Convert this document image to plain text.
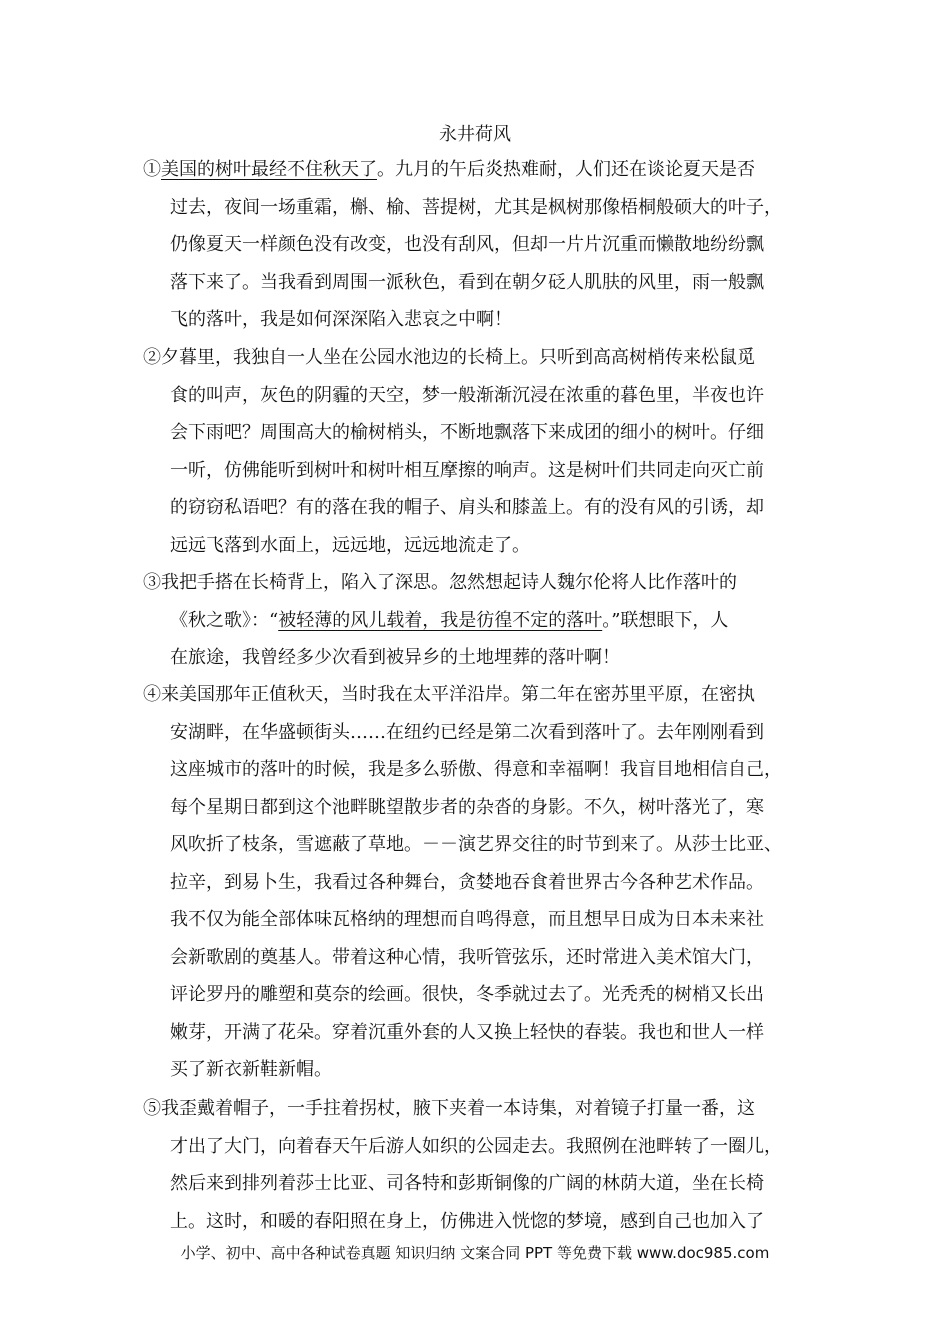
永井荷风
①美国的树叶最经不住秋天了。九月的午后炎热难耐，人们还在谈论夏天是否
过去，夜间一场重霜，槲、榆、菩提树，尤其是枫树那像梧桐般硕大的叶子，
仍像夏天一样颜色没有改变，也没有刮风，但却一片片沉重而懒散地纷纷飘
落下来了。当我看到周围一派秋色，看到在朝夕砭人肌肤的风里，雨一般飘
飞的落叶，我是如何深深陷入悲哀之中啊！
②夕暮里，我独自一人坐在公园水池边的长椅上。只听到高高树梢传来松鼠觅
食的叫声，灰色的阴霾的天空，梦一般渐渐沉浸在浓重的暮色里，半夜也许
会下雨吧？周围高大的榆树梢头，不断地飘落下来成团的细小的树叶。仔细
一听，仿佛能听到树叶和树叶相互摩擦的响声。这是树叶们共同走向灭亡前
的窃窃私语吧？有的落在我的帽子、肩头和膝盖上。有的没有风的引诱，却
远远飞落到水面上，远远地，远远地流走了。
③我把手搭在长椅背上，陷入了深思。忽然想起诗人魏尔伦将人比作落叶的
《秋之歌》：“被轻薄的风儿载着，我是彷徨不定的落叶。”联想眼下，人
在旅途，我曾经多少次看到被异乡的土地埋葬的落叶啊！
④来美国那年正值秋天，当时我在太平洋沿岸。第二年在密苏里平原，在密执
安湖畔，在华盛顿街头……在纽约已经是第二次看到落叶了。去年刚刚看到
这座城市的落叶的时候，我是多么骄傲、得意和幸福啊！我盲目地相信自己，
每个星期日都到这个池畔眺望散步者的杂沓的身影。不久，树叶落光了，寒
风吹折了枝条，雪遮蔽了草地。－－演艺界交往的时节到来了。从莎士比亚、
拉辛，到易卜生，我看过各种舞台，贪婪地吞食着世界古今各种艺术作品。
我不仅为能全部体味瓦格纳的理想而自鸣得意，而且想早日成为日本未来社
会新歌剧的奠基人。带着这种心情，我听管弦乐，还时常进入美术馆大门，
评论罗丹的雕塑和莫奈的绘画。很快，冬季就过去了。光秃秃的树梢又长出
嫩芽，开满了花朵。穿着沉重外套的人又换上轻快的春装。我也和世人一样
买了新衣新鞋新帽。
⑤我歪戴着帽子，一手拄着拐杖，腋下夹着一本诗集，对着镜子打量一番，这
才出了大门，向着春天午后游人如织的公园走去。我照例在池畔转了一圈儿，
然后来到排列着莎士比亚、司各特和彭斯铜像的广阔的林荫大道，坐在长椅
上。这时，和暖的春阳照在身上，仿佛进入恍惚的梦境，感到自己也加入了
小学、初中、高中各种试卷真题 知识归纳 文案合同 PPT 等免费下载 www.doc985.com
